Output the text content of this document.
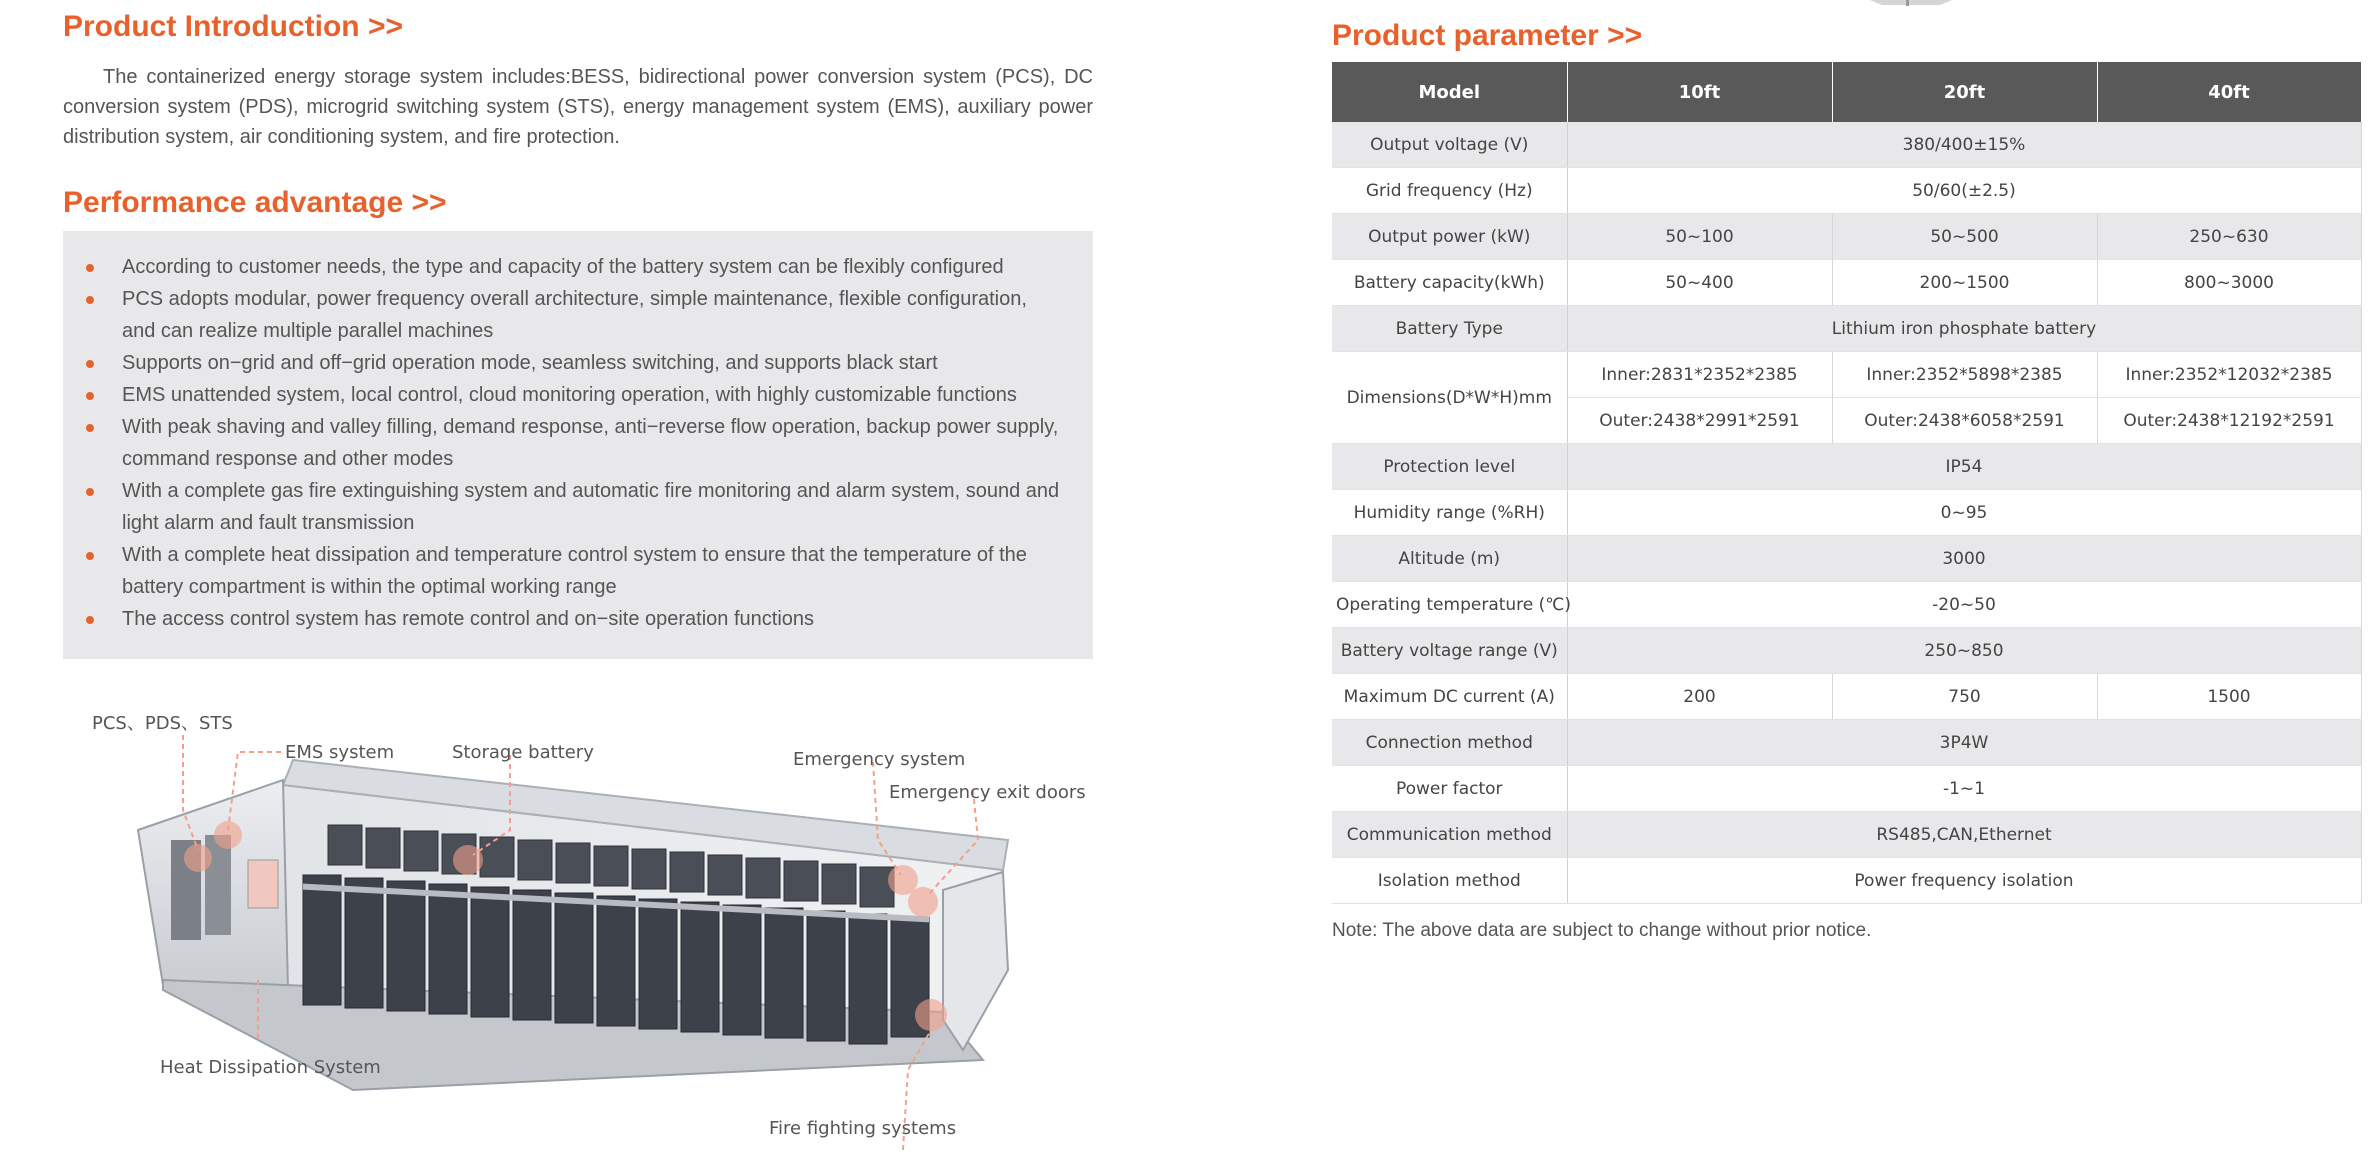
Product Introduction >>

The containerized energy storage system includes:BESS, bidirectional power conversion system (PCS), DC conversion system (PDS), microgrid switching system (STS), energy management system (EMS), auxiliary power distribution system, air conditioning system, and fire protection.

Performance advantage >>
According to customer needs, the type and capacity of the battery system can be flexibly configured
PCS adopts modular, power frequency overall architecture, simple maintenance, flexible configuration, and can realize multiple parallel machines
Supports on−grid and off−grid operation mode, seamless switching, and supports black start
EMS unattended system, local control, cloud monitoring operation, with highly customizable functions
With peak shaving and valley filling, demand response, anti−reverse flow operation, backup power supply, command response and other modes
With a complete gas fire extinguishing system and automatic fire monitoring and alarm system, sound and light alarm and fault transmission
With a complete heat dissipation and temperature control system to ensure that the temperature of the battery compartment is within the optimal working range
The access control system has remote control and on−site operation functions
PCS、PDS、STS
EMS system	Storage battery	Emergency system
Emergency exit doors
Heat Dissipation System
Fire fighting systems
Product parameter >>
Model	10ft	20ft	40ft
Output voltage (V)	380/400±15%		
Grid frequency (Hz)	50/60(±2.5)		
Output power (kW)	50~100	50~500	250~630
Battery capacity(kWh)	50~400	200~1500	800~3000
Battery Type	Lithium iron phosphate battery		
Dimensions(D*W*H)mm	Inner:2831*2352*2385	Inner:2352*5898*2385	Inner:2352*12032*2385
	Outer:2438*2991*2591	Outer:2438*6058*2591	Outer:2438*12192*2591
Protection level	IP54		
Humidity range (%RH)	0~95		
Altitude (m)	3000		
Operating temperature (℃)	-20~50		
Battery voltage range (V)	250~850		
Maximum DC current (A)	200	750	1500
Connection method	3P4W		
Power factor	-1~1		
Communication method	RS485,CAN,Ethernet		
Isolation method	Power frequency isolation		

Note: The above data are subject to change without prior notice.
